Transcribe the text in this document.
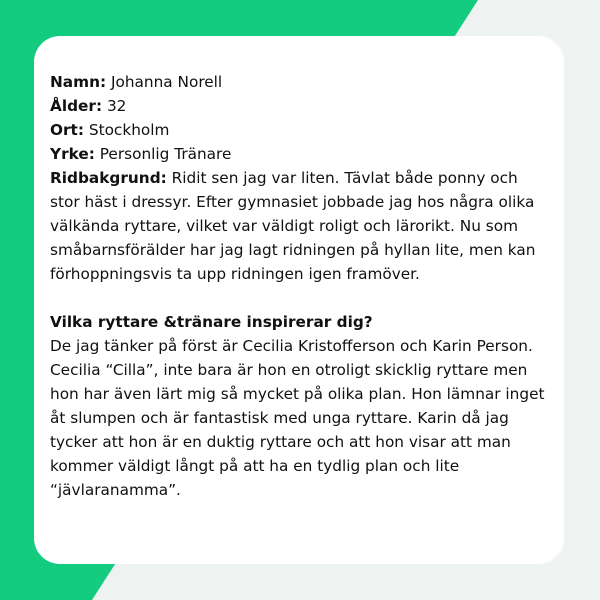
Namn: Johanna Norell
Ålder: 32
Ort: Stockholm
Yrke: Personlig Tränare

Ridbakgrund: Ridit sen jag var liten. Tävlat både ponny och stor häst i dressyr. Efter gymnasiet jobbade jag hos några olika välkända ryttare, vilket var väldigt roligt och lärorikt. Nu som småbarnsförälder har jag lagt ridningen på hyllan lite, men kan förhoppningsvis ta upp ridningen igen framöver.

Vilka ryttare &tränare inspirerar dig?

De jag tänker på först är Cecilia Kristofferson och Karin Person. Cecilia “Cilla”, inte bara är hon en otroligt skicklig ryttare men hon har även lärt mig så mycket på olika plan. Hon lämnar inget åt slumpen och är fantastisk med unga ryttare. Karin då jag tycker att hon är en duktig ryttare och att hon visar att man kommer väldigt långt på att ha en tydlig plan och lite “jävlaranamma”.
